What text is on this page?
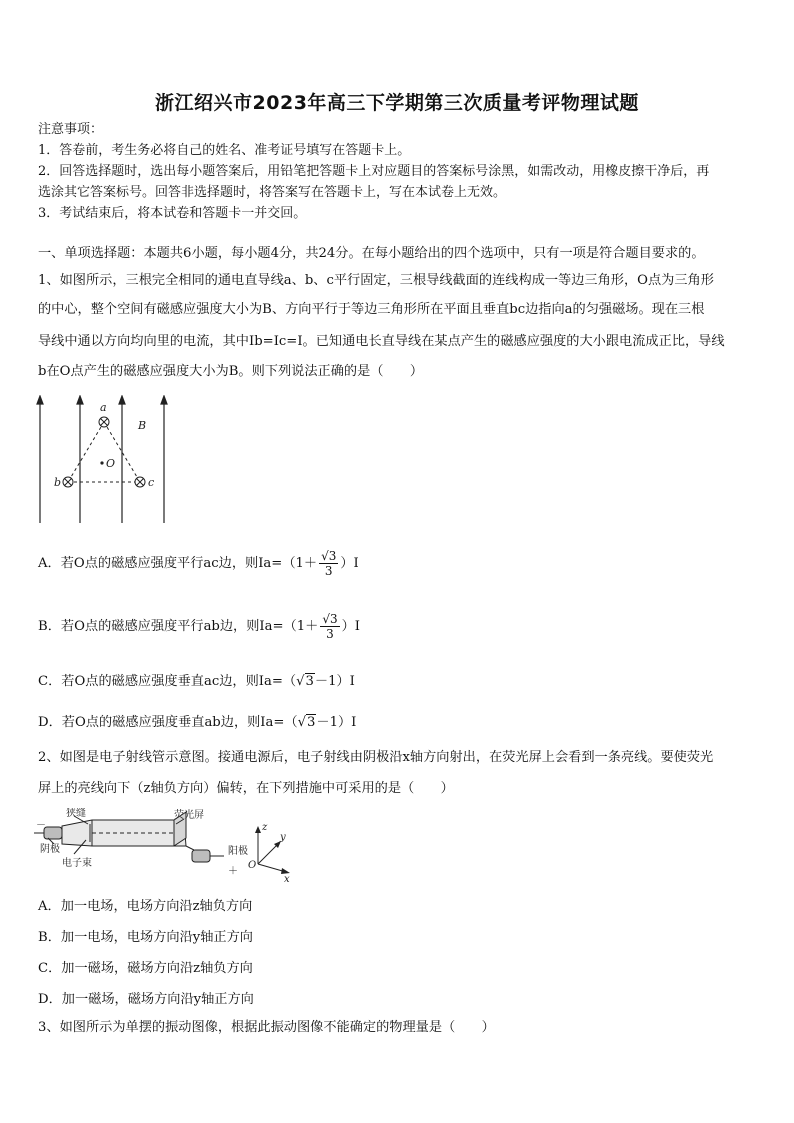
浙江绍兴市2023年高三下学期第三次质量考评物理试题
注意事项：
1．答卷前，考生务必将自己的姓名、准考证号填写在答题卡上。
2．回答选择题时，选出每小题答案后，用铅笔把答题卡上对应题目的答案标号涂黑，如需改动，用橡皮擦干净后，再
选涂其它答案标号。回答非选择题时，将答案写在答题卡上，写在本试卷上无效。
3．考试结束后，将本试卷和答题卡一并交回。
一、单项选择题：本题共6小题，每小题4分，共24分。在每小题给出的四个选项中，只有一项是符合题目要求的。
1、如图所示，三根完全相同的通电直导线a、b、c平行固定，三根导线截面的连线构成一等边三角形，O点为三角形
的中心，整个空间有磁感应强度大小为B、方向平行于等边三角形所在平面且垂直bc边指向a的匀强磁场。现在三根
导线中通以方向均向里的电流，其中Ib=Ic=I。已知通电长直导线在某点产生的磁感应强度的大小跟电流成正比，导线
b在O点产生的磁感应强度大小为B。则下列说法正确的是（　　）
a
b	c
O
B
A．若O点的磁感应强度平行ac边，则$Ia=(1+ \frac{√3}{3} )I$
B．若O点的磁感应强度平行ab边，则$Ia=(1+ \frac{√3}{3} )I$
C．若O点的磁感应强度垂直ac边，则Ia=（√3－1）I
D．若O点的磁感应强度垂直ab边，则Ia=（√3－1）I
2、如图是电子射线管示意图。接通电源后，电子射线由阴极沿x轴方向射出，在荧光屏上会看到一条亮线。要使荧光
屏上的亮线向下（z轴负方向）偏转，在下列措施中可采用的是（　　）
狭缝	荧光屏
阴极	阳极
电子束
－
＋
z
y
x
O
A．加一电场，电场方向沿z轴负方向
B．加一电场，电场方向沿y轴正方向
C．加一磁场，磁场方向沿z轴负方向
D．加一磁场，磁场方向沿y轴正方向
3、如图所示为单摆的振动图像，根据此振动图像不能确定的物理量是（　　）
